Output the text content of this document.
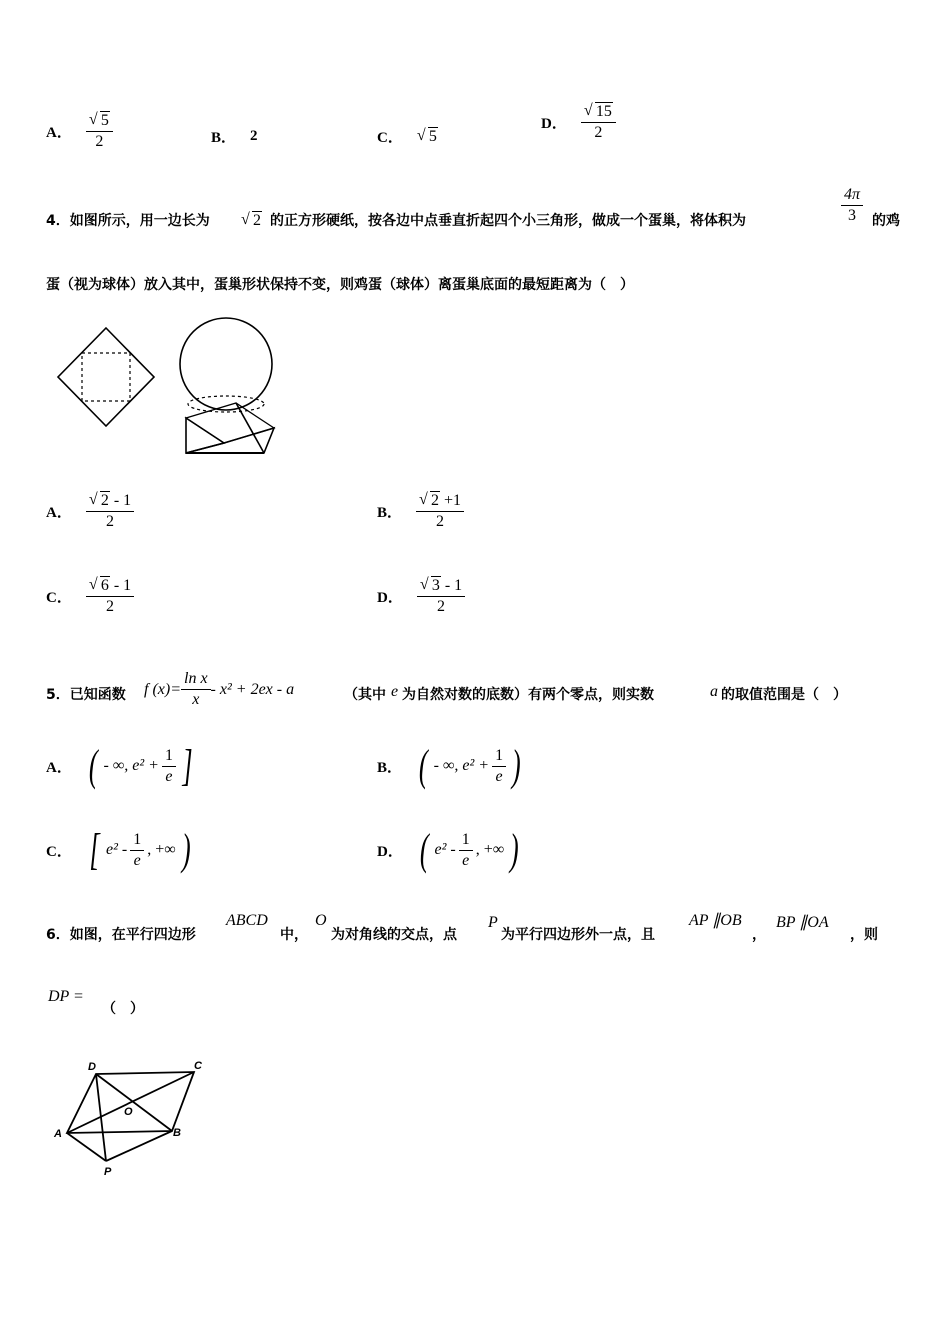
A． √ $\frac{5}{2}$	B． 2	C．	√ 5
D． √ $\frac{15}{2}$
4．如图所示，用一边长为	√ 2 的正方形硬纸，按各边中点垂直折起四个小三角形，做成一个蛋巢，将体积为	$\frac{4\pi}{3}$ 的鸡
蛋（视为球体）放入其中，蛋巢形状保持不变，则鸡蛋（球体）离蛋巢底面的最短距离为（　）
A． √ $\frac{2 - 1}{2}$	B． √ $\frac{2 +1}{2}$
C． √ $\frac{6 - 1}{2}$	D． √ $\frac{3 - 1}{2}$
5．已知函数 f $(x)= \frac{\text{ln x}}{x} - x^2 + 2ex - a$	（其中 e 为自然对数的底数）有两个零点，则实数	a 的取值范围是（　）
A． ( - ∞, $e^2 + \frac{1}{e}$ ]	B． ( - ∞, $e^2 + \frac{1}{e}$ )
C． [ $e^2 - \frac{1}{e}$ , +∞ )	D． ( $e^2 - \frac{1}{e}$ , +∞ )
6．如图，在平行四边形
ABCD
中，
O
为对角线的交点，点
P
为平行四边形外一点，且
AP ∥OB
，
BP ∥OA
，则
DP =
（　）
D	C
A	B
O
P
